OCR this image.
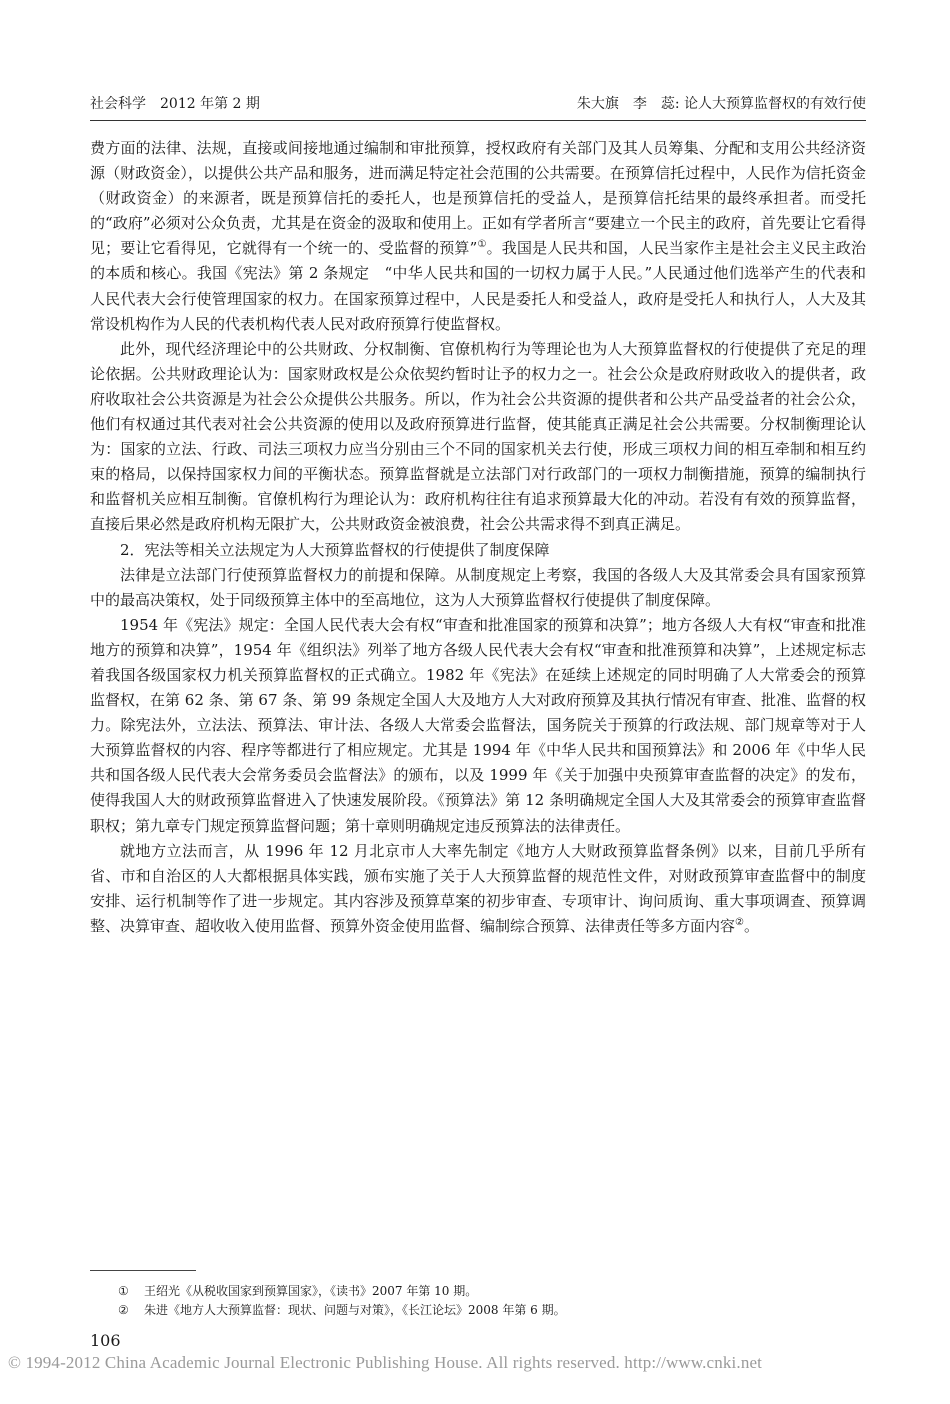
社会科学　2012 年第 2 期	朱大旗　李　蕊: 论人大预算监督权的有效行使

费方面的法律、法规，直接或间接地通过编制和审批预算，授权政府有关部门及其人员筹集、分配和支用公共经济资源（财政资金），以提供公共产品和服务，进而满足特定社会范围的公共需要。在预算信托过程中，人民作为信托资金（财政资金）的来源者，既是预算信托的委托人，也是预算信托的受益人，是预算信托结果的最终承担者。而受托的“政府”必须对公众负责，尤其是在资金的汲取和使用上。正如有学者所言“要建立一个民主的政府，首先要让它看得见；要让它看得见，它就得有一个统一的、受监督的预算”①。我国是人民共和国，人民当家作主是社会主义民主政治的本质和核心。我国《宪法》第 2 条规定　“中华人民共和国的一切权力属于人民。”人民通过他们选举产生的代表和人民代表大会行使管理国家的权力。在国家预算过程中，人民是委托人和受益人，政府是受托人和执行人，人大及其常设机构作为人民的代表机构代表人民对政府预算行使监督权。

此外，现代经济理论中的公共财政、分权制衡、官僚机构行为等理论也为人大预算监督权的行使提供了充足的理论依据。公共财政理论认为：国家财政权是公众依契约暂时让予的权力之一。社会公众是政府财政收入的提供者，政府收取社会公共资源是为社会公众提供公共服务。所以，作为社会公共资源的提供者和公共产品受益者的社会公众，他们有权通过其代表对社会公共资源的使用以及政府预算进行监督，使其能真正满足社会公共需要。分权制衡理论认为：国家的立法、行政、司法三项权力应当分别由三个不同的国家机关去行使，形成三项权力间的相互牵制和相互约束的格局，以保持国家权力间的平衡状态。预算监督就是立法部门对行政部门的一项权力制衡措施，预算的编制执行和监督机关应相互制衡。官僚机构行为理论认为：政府机构往往有追求预算最大化的冲动。若没有有效的预算监督，直接后果必然是政府机构无限扩大，公共财政资金被浪费，社会公共需求得不到真正满足。

2．宪法等相关立法规定为人大预算监督权的行使提供了制度保障

法律是立法部门行使预算监督权力的前提和保障。从制度规定上考察，我国的各级人大及其常委会具有国家预算中的最高决策权，处于同级预算主体中的至高地位，这为人大预算监督权行使提供了制度保障。

1954 年《宪法》规定：全国人民代表大会有权“审查和批准国家的预算和决算”；地方各级人大有权“审查和批准地方的预算和决算”，1954 年《组织法》列举了地方各级人民代表大会有权“审查和批准预算和决算”，上述规定标志着我国各级国家权力机关预算监督权的正式确立。1982 年《宪法》在延续上述规定的同时明确了人大常委会的预算监督权，在第 62 条、第 67 条、第 99 条规定全国人大及地方人大对政府预算及其执行情况有审查、批准、监督的权力。除宪法外，立法法、预算法、审计法、各级人大常委会监督法，国务院关于预算的行政法规、部门规章等对于人大预算监督权的内容、程序等都进行了相应规定。尤其是 1994 年《中华人民共和国预算法》和 2006 年《中华人民共和国各级人民代表大会常务委员会监督法》的颁布，以及 1999 年《关于加强中央预算审查监督的决定》的发布，使得我国人大的财政预算监督进入了快速发展阶段。《预算法》第 12 条明确规定全国人大及其常委会的预算审查监督职权；第九章专门规定预算监督问题；第十章则明确规定违反预算法的法律责任。

就地方立法而言，从 1996 年 12 月北京市人大率先制定《地方人大财政预算监督条例》以来，目前几乎所有省、市和自治区的人大都根据具体实践，颁布实施了关于人大预算监督的规范性文件，对财政预算审查监督中的制度安排、运行机制等作了进一步规定。其内容涉及预算草案的初步审查、专项审计、询问质询、重大事项调查、预算调整、决算审查、超收收入使用监督、预算外资金使用监督、编制综合预算、法律责任等多方面内容②。

① 王绍光《从税收国家到预算国家》，《读书》2007 年第 10 期。
② 朱进《地方人大预算监督：现状、问题与对策》，《长江论坛》2008 年第 6 期。
106
© 1994-2012 China Academic Journal Electronic Publishing House. All rights reserved. http://www.cnki.net
